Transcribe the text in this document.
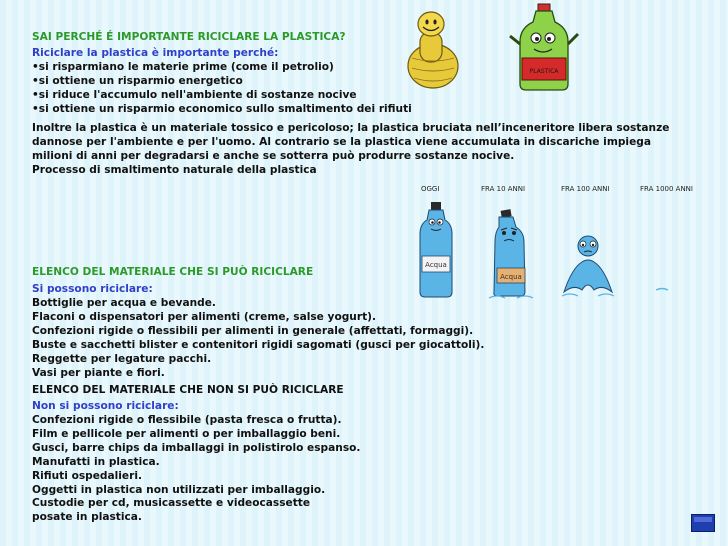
SAI PERCHÉ É IMPORTANTE RICICLARE LA PLASTICA?
Riciclare la plastica è importante perché:
•si risparmiano le materie prime (come il petrolio)
•si ottiene un risparmio energetico
•si riduce l'accumulo nell'ambiente di sostanze nocive
•si ottiene un risparmio economico sullo smaltimento dei rifiuti
Inoltre la plastica è un materiale tossico e pericoloso; la plastica bruciata nell’inceneritore libera sostanze
dannose per l'ambiente e per l'uomo. Al contrario se la plastica viene accumulata in discariche impiega
milioni di anni per degradarsi e anche se sotterra può produrre sostanze nocive.
Processo di smaltimento naturale della plastica
PLASTICA
OGGI	FRA 10 ANNI	FRA 100 ANNI	FRA 1000 ANNI
Acqua
Acqua
ELENCO DEL MATERIALE CHE SI PUÒ RICICLARE
Si possono riciclare:
Bottiglie per acqua e bevande.
Flaconi o dispensatori per alimenti (creme, salse yogurt).
Confezioni rigide o flessibili per alimenti in generale (affettati, formaggi).
Buste e sacchetti blister e contenitori rigidi sagomati (gusci per giocattoli).
Reggette per legature pacchi.
Vasi per piante e fiori.
ELENCO DEL MATERIALE CHE NON SI PUÒ RICICLARE
Non si possono riciclare:
Confezioni rigide o flessibile (pasta fresca o frutta).
Film e pellicole per alimenti o per imballaggio beni.
Gusci, barre chips da imballaggi in polistirolo espanso.
Manufatti in plastica.
Rifiuti ospedalieri.
Oggetti in plastica non utilizzati per imballaggio.
Custodie per cd, musicassette e videocassette
posate in plastica.
